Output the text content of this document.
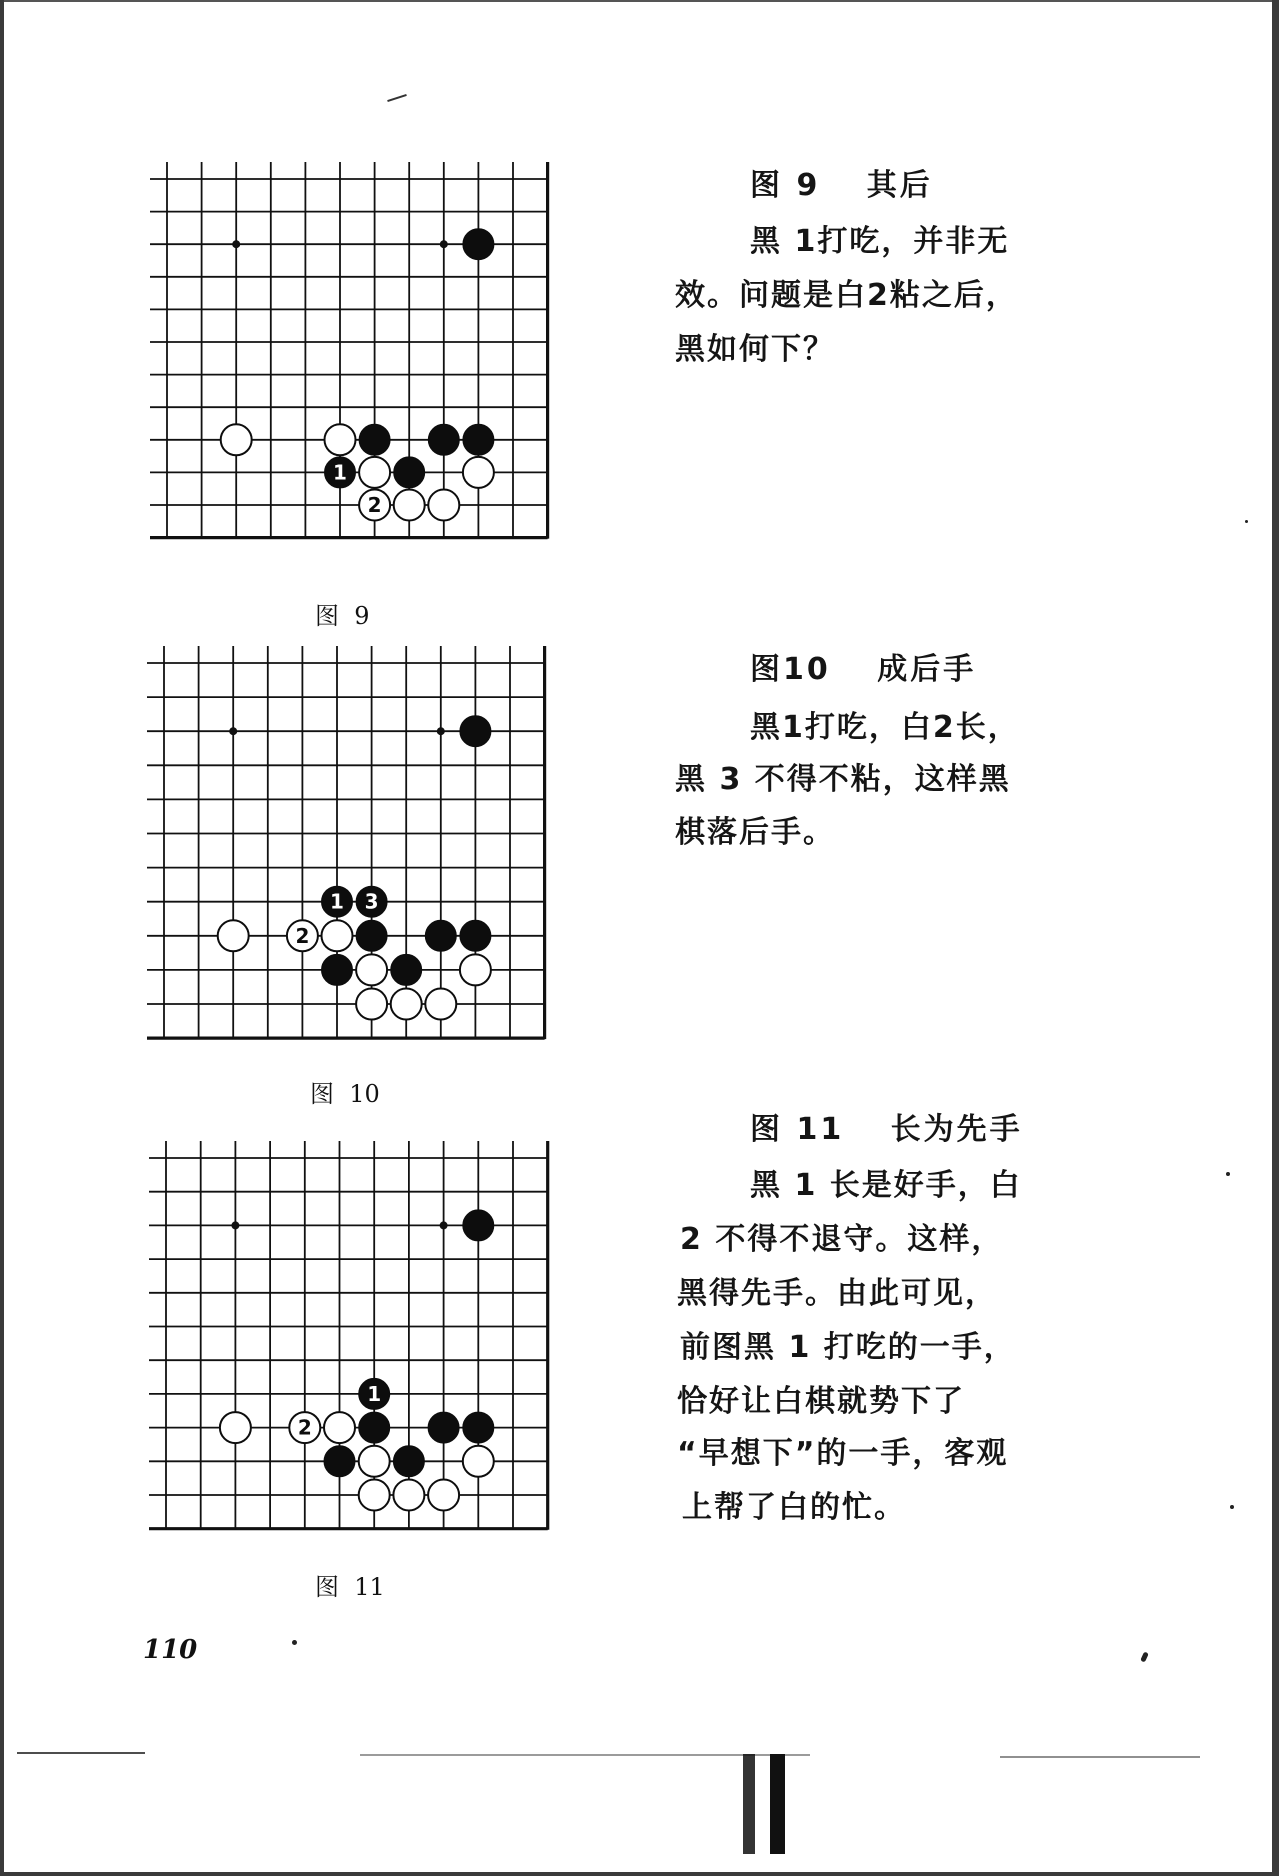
1
2
图  9
图 9　 其后
黑 1打吃，并非无
效。问题是白2粘之后，
黑如何下？
1 3
2
图  10
图10　 成后手
黑1打吃，白2长，
黑 3 不得不粘，这样黑
棋落后手。
1
2
图  11
图 11　 长为先手
黑 1 长是好手，白
2 不得不退守。这样，
黑得先手。由此可见，
前图黑 1 打吃的一手，
恰好让白棋就势下了
“早想下”的一手，客观
上帮了白的忙。
110
